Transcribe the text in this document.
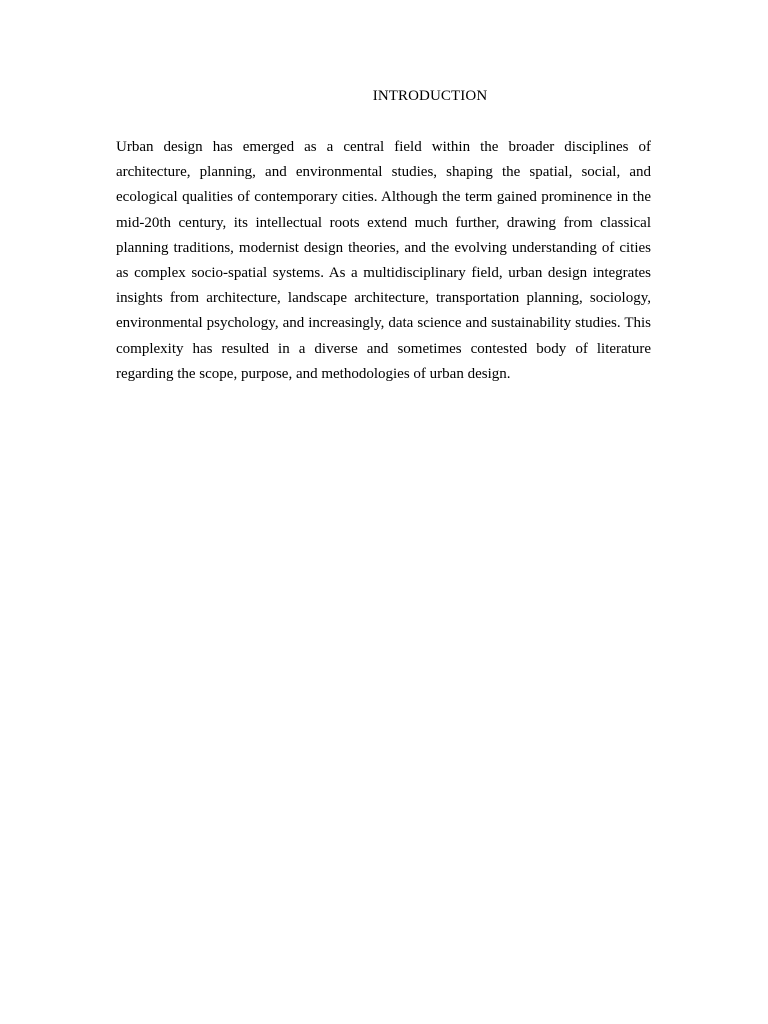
INTRODUCTION

Urban design has emerged as a central field within the broader disciplines of architecture, planning, and environmental studies, shaping the spatial, social, and ecological qualities of contemporary cities. Although the term gained prominence in the mid-20th century, its intellectual roots extend much further, drawing from classical planning traditions, modernist design theories, and the evolving understanding of cities as complex socio-spatial systems. As a multidisciplinary field, urban design integrates insights from architecture, landscape architecture, transportation planning, sociology, environmental psychology, and increasingly, data science and sustainability studies. This complexity has resulted in a diverse and sometimes contested body of literature regarding the scope, purpose, and methodologies of urban design.
